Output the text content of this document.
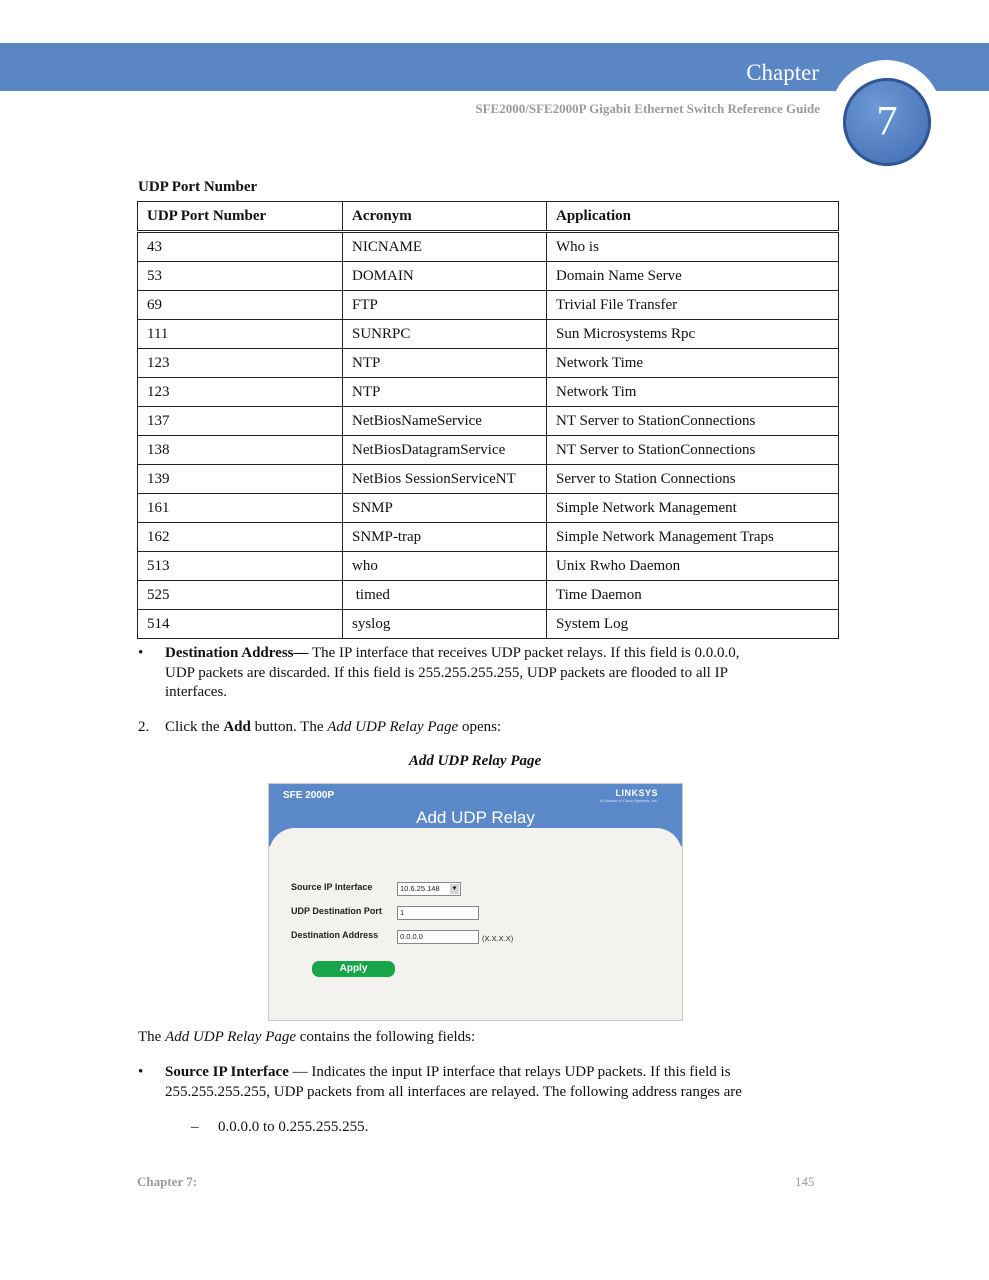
Chapter
SFE2000/SFE2000P Gigabit Ethernet Switch Reference Guide	7
UDP Port Number
UDP Port Number	Acronym	Application
43	NICNAME	Who is
53	DOMAIN	Domain Name Serve
69	FTP	Trivial File Transfer
111	SUNRPC	Sun Microsystems Rpc
123	NTP	Network Time
123	NTP	Network Tim
137	NetBiosNameService	NT Server to StationConnections
138	NetBiosDatagramService	NT Server to StationConnections
139	NetBios SessionServiceNT	Server to Station Connections
161	SNMP	Simple Network Management
162	SNMP-trap	Simple Network Management Traps
513	who	Unix Rwho Daemon
525	timed	Time Daemon
514	syslog	System Log
• Destination Address— The IP interface that receives UDP packet relays. If this field is 0.0.0.0,
UDP packets are discarded. If this field is 255.255.255.255, UDP packets are flooded to all IP
interfaces.
2. Click the Add button. The Add UDP Relay Page opens:
Add UDP Relay Page
SFE 2000P	LINKSYS
A Division of Cisco Systems, Inc.
Add UDP Relay
Source IP Interface	10.6.25.148 ▼
UDP Destination Port	1
Destination Address	0.0.0.0	(X.X.X.X)
Apply
The Add UDP Relay Page contains the following fields:
• Source IP Interface — Indicates the input IP interface that relays UDP packets. If this field is
255.255.255.255, UDP packets from all interfaces are relayed. The following address ranges are
– 0.0.0.0 to 0.255.255.255.
Chapter 7:	145
